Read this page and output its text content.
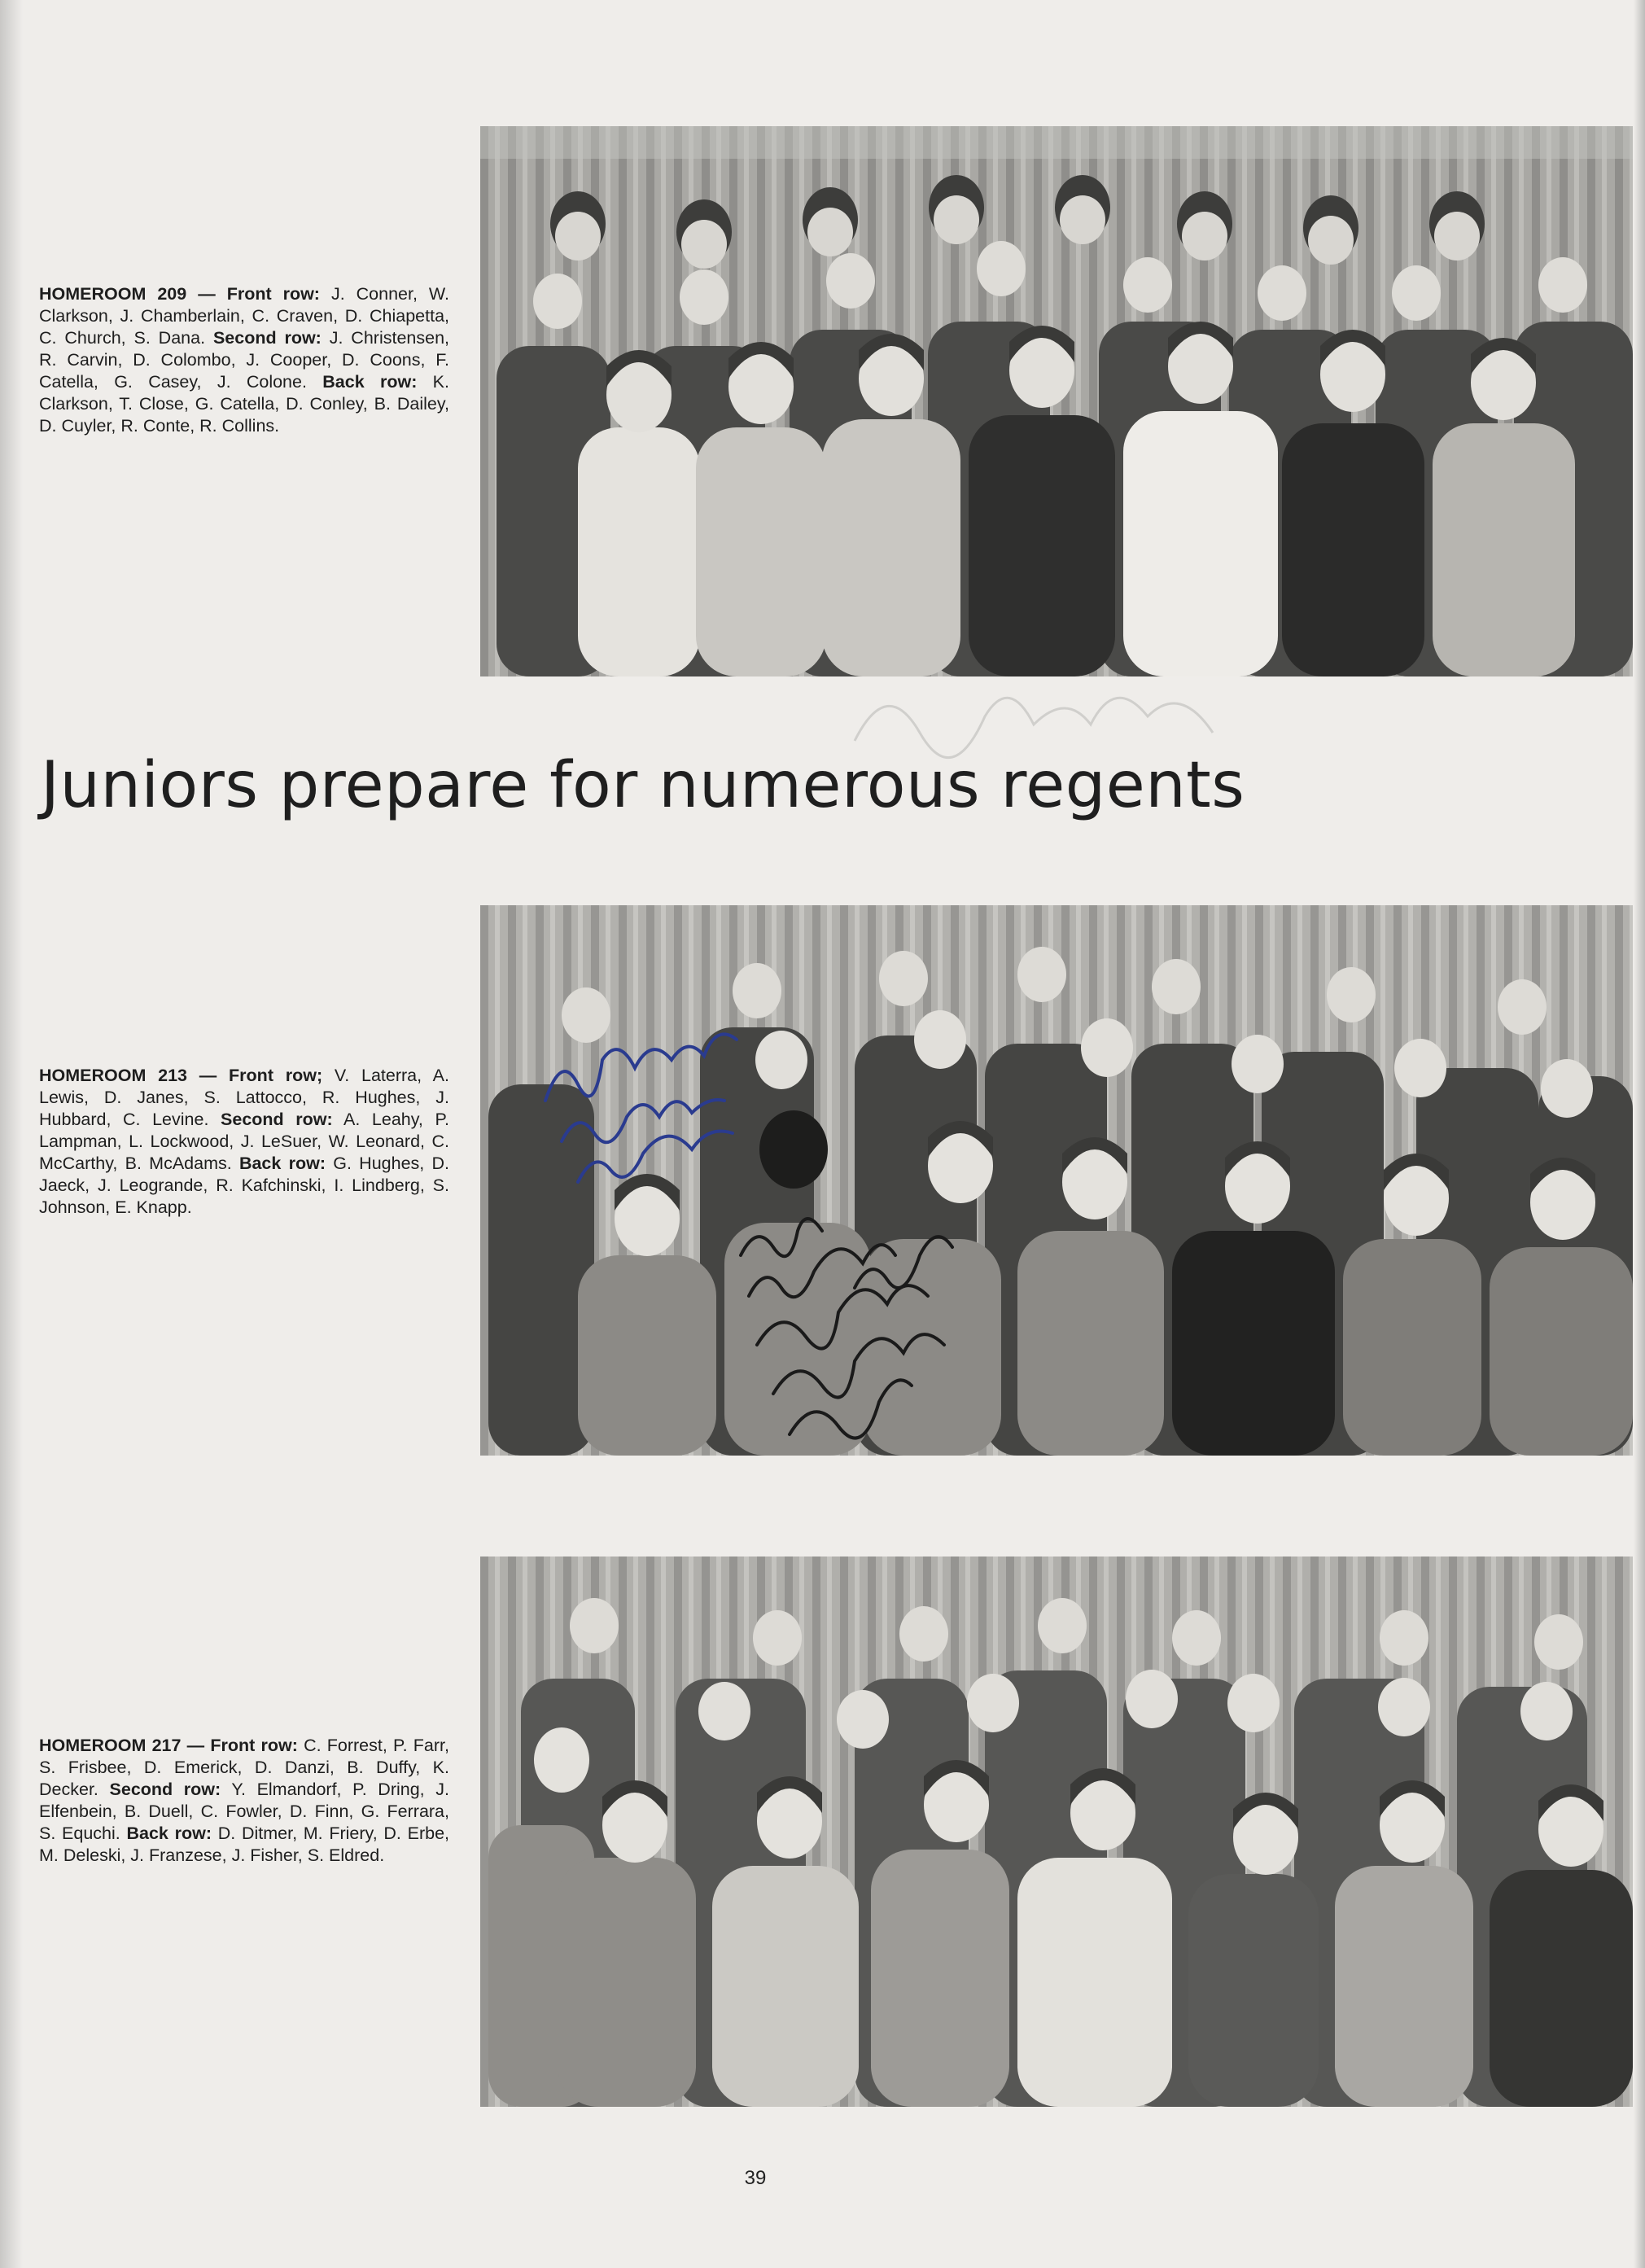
HOMEROOM 209 — Front row: J. Conner, W. Clarkson, J. Chamberlain, C. Craven, D. Chiapetta, C. Church, S. Dana. Second row: J. Christensen, R. Carvin, D. Colombo, J. Cooper, D. Coons, F. Catella, G. Casey, J. Colone. Back row: K. Clarkson, T. Close, G. Catella, D. Conley, B. Dailey, D. Cuyler, R. Conte, R. Collins.
Juniors prepare for numerous regents
HOMEROOM 213 — Front row; V. Laterra, A. Lewis, D. Janes, S. Lattocco, R. Hughes, J. Hubbard, C. Levine. Second row: A. Leahy, P. Lampman, L. Lockwood, J. LeSuer, W. Leonard, C. McCarthy, B. McAdams. Back row: G. Hughes, D. Jaeck, J. Leogrande, R. Kafchinski, I. Lindberg, S. Johnson, E. Knapp.
HOMEROOM 217 — Front row: C. Forrest, P. Farr, S. Frisbee, D. Emerick, D. Danzi, B. Duffy, K. Decker. Second row: Y. Elmandorf, P. Dring, J. Elfenbein, B. Duell, C. Fowler, D. Finn, G. Ferrara, S. Equchi. Back row: D. Ditmer, M. Friery, D. Erbe, M. Deleski, J. Franzese, J. Fisher, S. Eldred.
39
